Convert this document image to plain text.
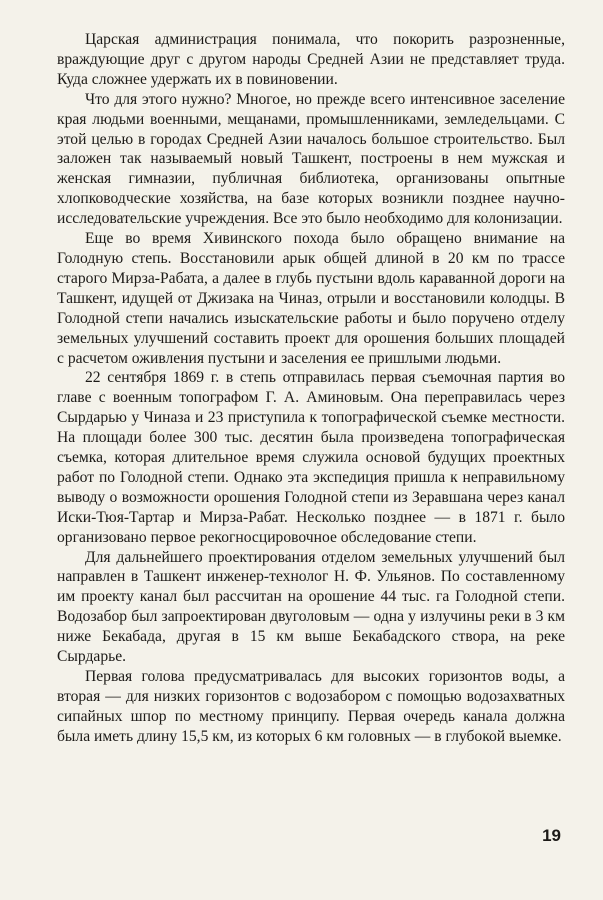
Царская администрация понимала, что покорить разрозненные, враждующие друг с другом народы Средней Азии не представляет труда. Куда сложнее удержать их в повиновении.

Что для этого нужно? Многое, но прежде всего интенсивное заселение края людьми военными, мещанами, промышленниками, земледельцами. С этой целью в городах Средней Азии началось большое строительство. Был заложен так называемый новый Ташкент, построены в нем мужская и женская гимназии, публичная библиотека, организованы опытные хлопководческие хозяйства, на базе которых возникли позднее научно-исследовательские учреждения. Все это было необходимо для колонизации.

Еще во время Хивинского похода было обращено внимание на Голодную степь. Восстановили арык общей длиной в 20 км по трассе старого Мирза-Рабата, а далее в глубь пустыни вдоль караванной дороги на Ташкент, идущей от Джизака на Чиназ, отрыли и восстановили колодцы. В Голодной степи начались изыскательские работы и было поручено отделу земельных улучшений составить проект для орошения больших площадей с расчетом оживления пустыни и заселения ее пришлыми людьми.

22 сентября 1869 г. в степь отправилась первая съемочная партия во главе с военным топографом Г. А. Аминовым. Она переправилась через Сырдарью у Чиназа и 23 приступила к топографической съемке местности. На площади более 300 тыс. десятин была произведена топографическая съемка, которая длительное время служила основой будущих проектных работ по Голодной степи. Однако эта экспедиция пришла к неправильному выводу о возможности орошения Голодной степи из Зеравшана через канал Иски-Тюя-Тартар и Мирза-Рабат. Несколько позднее — в 1871 г. было организовано первое рекогносцировочное обследование степи.

Для дальнейшего проектирования отделом земельных улучшений был направлен в Ташкент инженер-технолог Н. Ф. Ульянов. По составленному им проекту канал был рассчитан на орошение 44 тыс. га Голодной степи. Водозабор был запроектирован двуголовым — одна у излучины реки в 3 км ниже Бекабада, другая в 15 км выше Бекабадского створа, на реке Сырдарье.

Первая голова предусматривалась для высоких горизонтов воды, а вторая — для низких горизонтов с водозабором с помощью водозахватных сипайных шпор по местному принципу. Первая очередь канала должна была иметь длину 15,5 км, из которых 6 км головных — в глубокой выемке.

19
